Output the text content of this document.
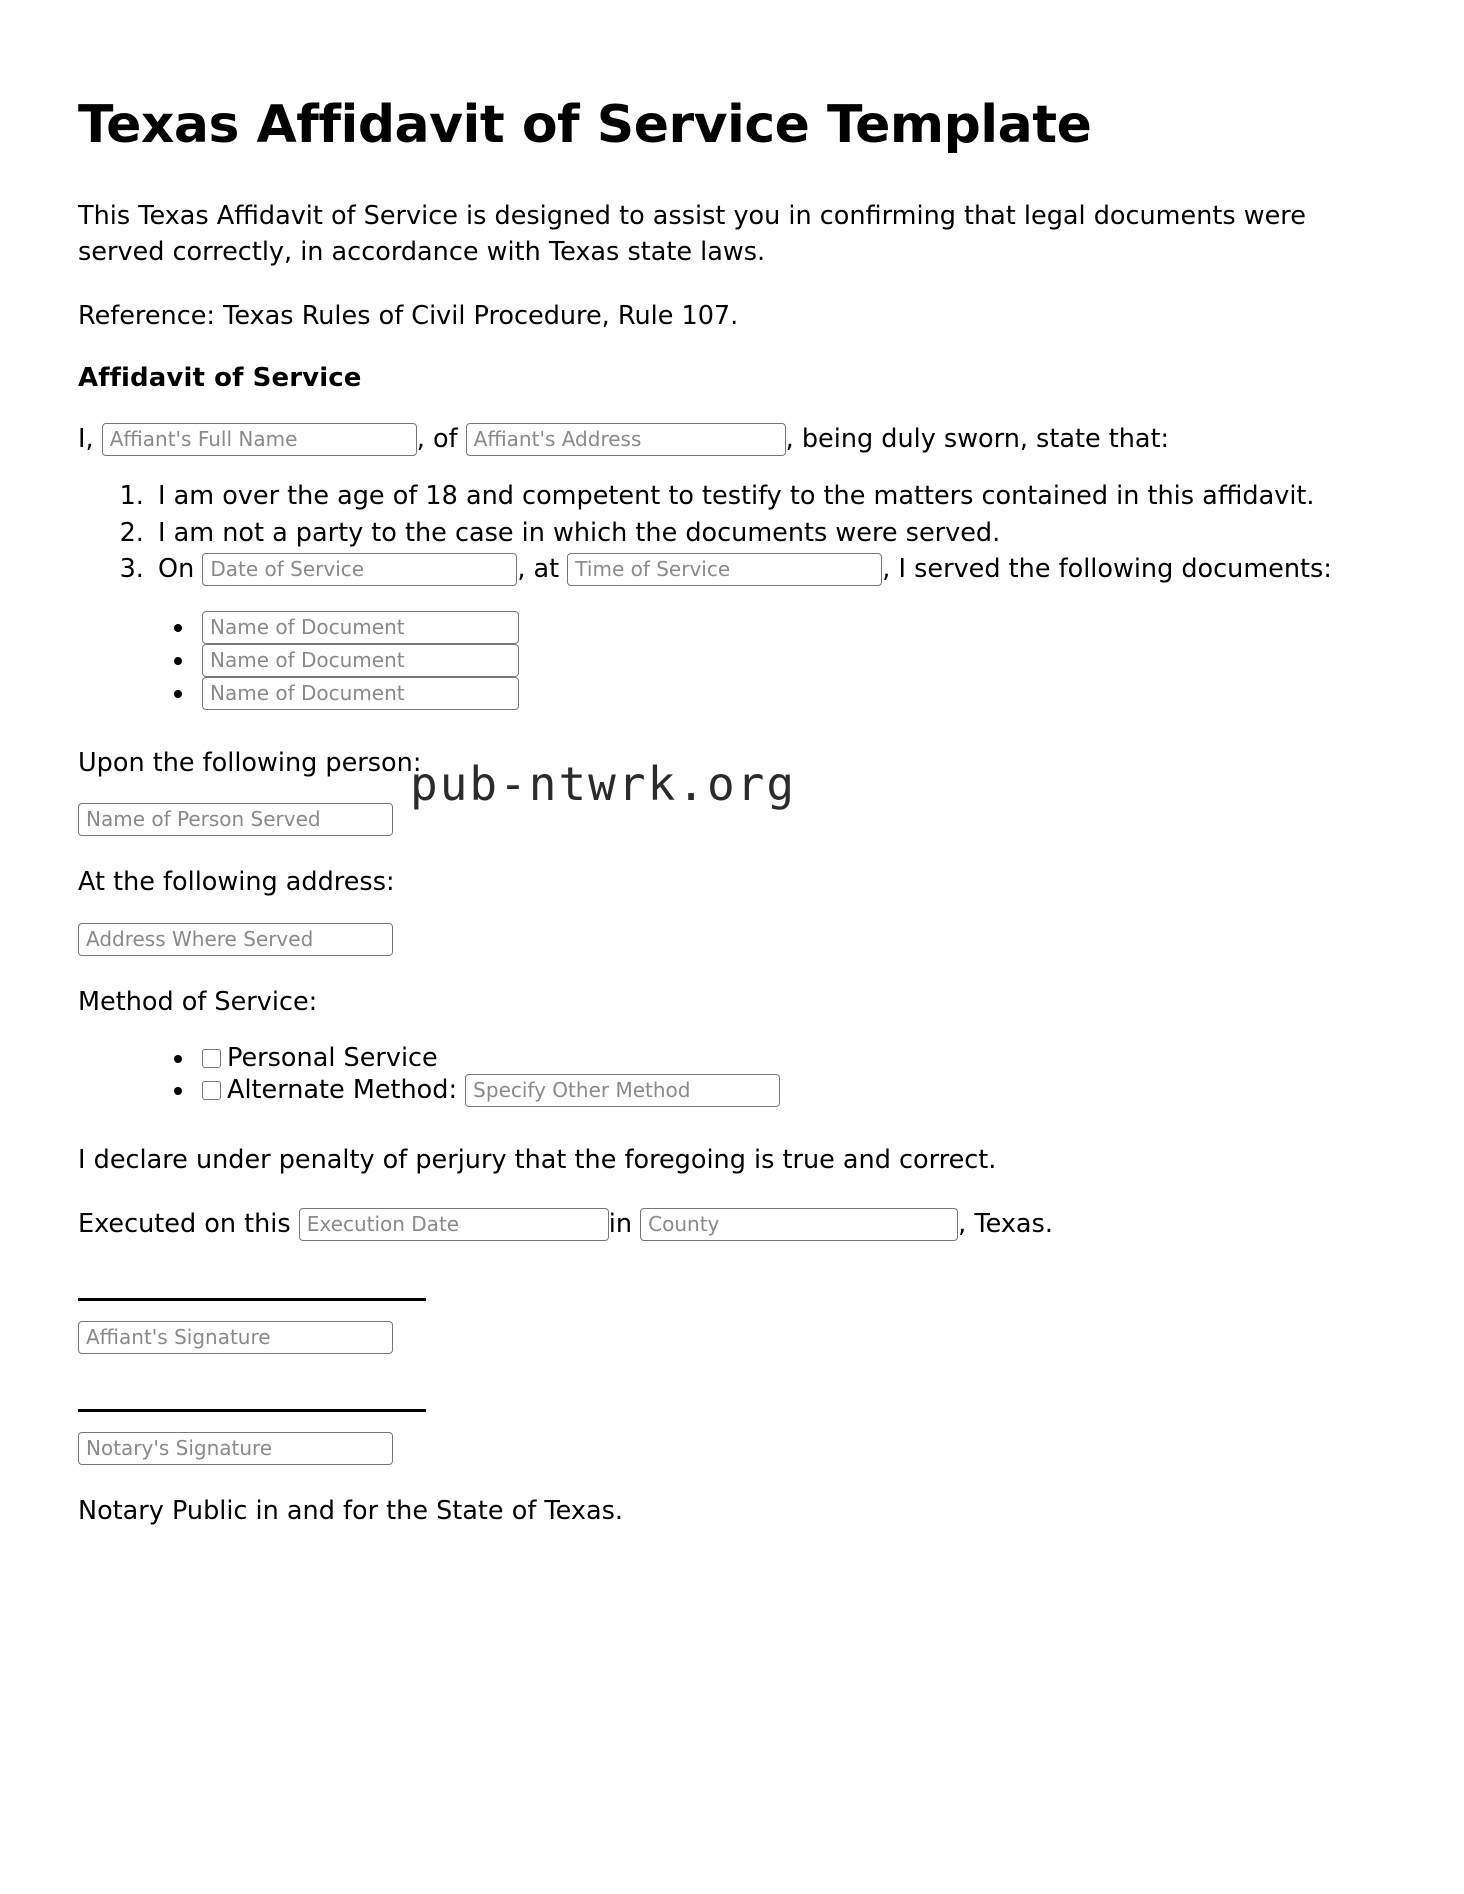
pub-ntwrk.org
Texas Affidavit of Service Template

This Texas Affidavit of Service is designed to assist you in confirming that legal documents were served correctly, in accordance with Texas state laws.

Reference: Texas Rules of Civil Procedure, Rule 107.

Affidavit of Service
I, Affiant's Full Name	, of Affiant's Address	, being duly sworn, state that:
1. I am over the age of 18 and competent to testify to the matters contained in this affidavit.
2. I am not a party to the case in which the documents were served.
3. On Date of Service	, at Time of Service	, I served the following documents:
• Name of Document
• Name of Document
• Name of Document

Upon the following person:

Name of Person Served

At the following address:

Address Where Served

Method of Service:

• Personal Service
• Alternate Method: Specify Other Method

I declare under penalty of perjury that the foregoing is true and correct.

Executed on this Execution Date	in County	, Texas.
Affiant's Signature
Notary's Signature

Notary Public in and for the State of Texas.
